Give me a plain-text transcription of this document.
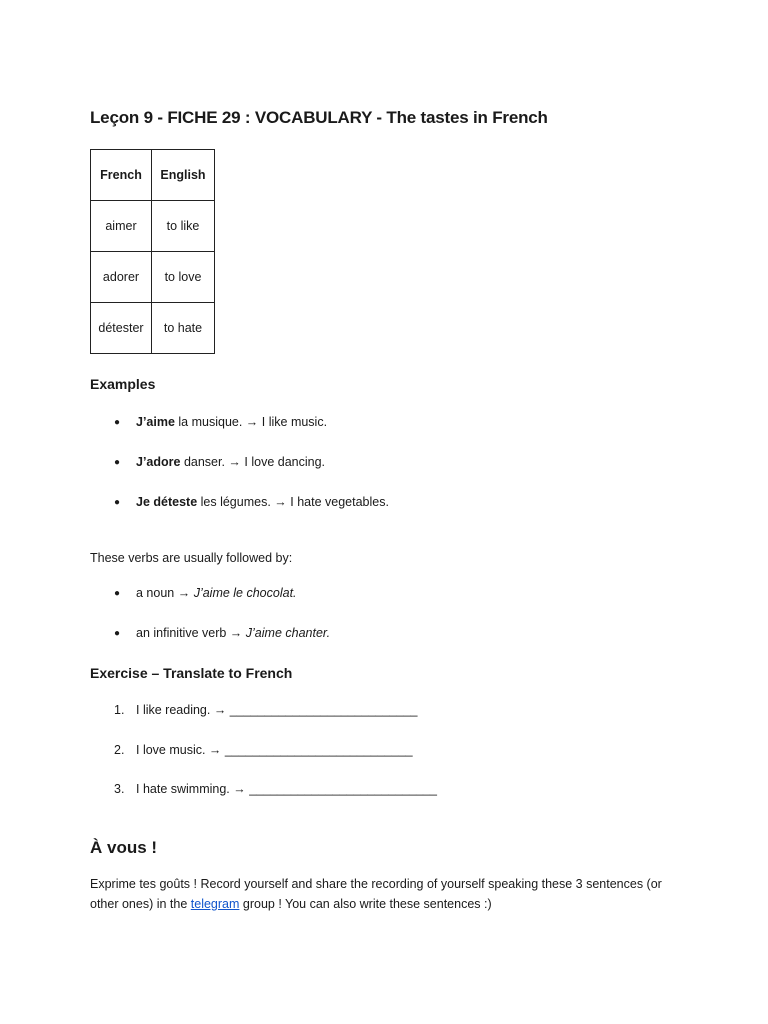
Leçon 9 - FICHE 29 : VOCABULARY - The tastes in French
French	English
aimer	to like
adorer	to love
détester	to hate
Examples
● J’aime la musique. → I like music.
● J’adore danser. → I love dancing.
● Je déteste les légumes. → I hate vegetables.
These verbs are usually followed by:
● a noun → J’aime le chocolat.
● an infinitive verb → J’aime chanter.
Exercise – Translate to French
1. I like reading. → ___________________________
2. I love music. → ___________________________
3. I hate swimming. → ___________________________
À vous !
Exprime tes goûts ! Record yourself and share the recording of yourself speaking these 3 sentences (or other ones) in the telegram group ! You can also write these sentences :)
